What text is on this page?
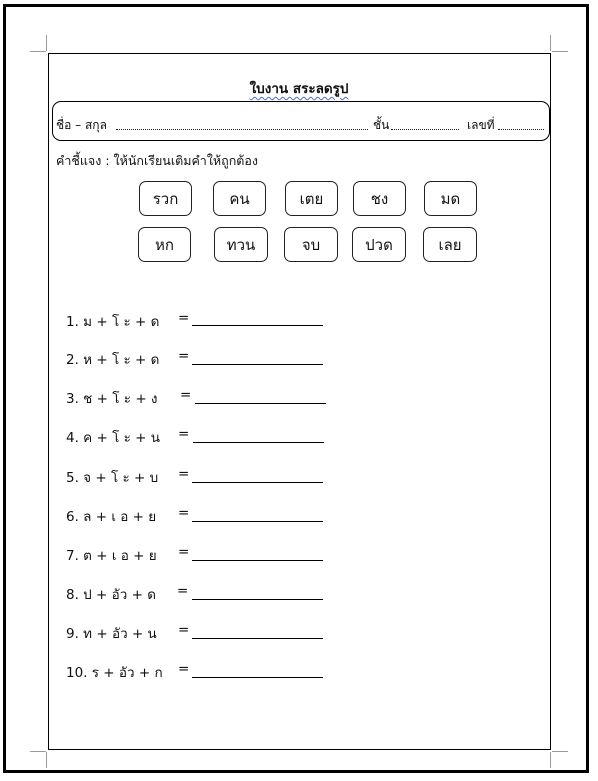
ใบงาน สระลดรูป
ชื่อ – สกุล	ชั้น	เลขที่
คำชี้แจง : ให้นักเรียนเติมคำให้ถูกต้อง
รวก	คน	เตย	ชง	มด
หก	ทวน	จบ	ปวด	เลย
1. ม + โ ะ + ด =
2. ห + โ ะ + ด =
3. ช + โ ะ + ง =
4. ค + โ ะ + น =
5. จ + โ ะ + บ =
6. ล + เ อ + ย =
7. ต + เ อ + ย =
8. ป + อัว + ด =
9. ท + อัว + น =
10. ร + อัว + ก =
